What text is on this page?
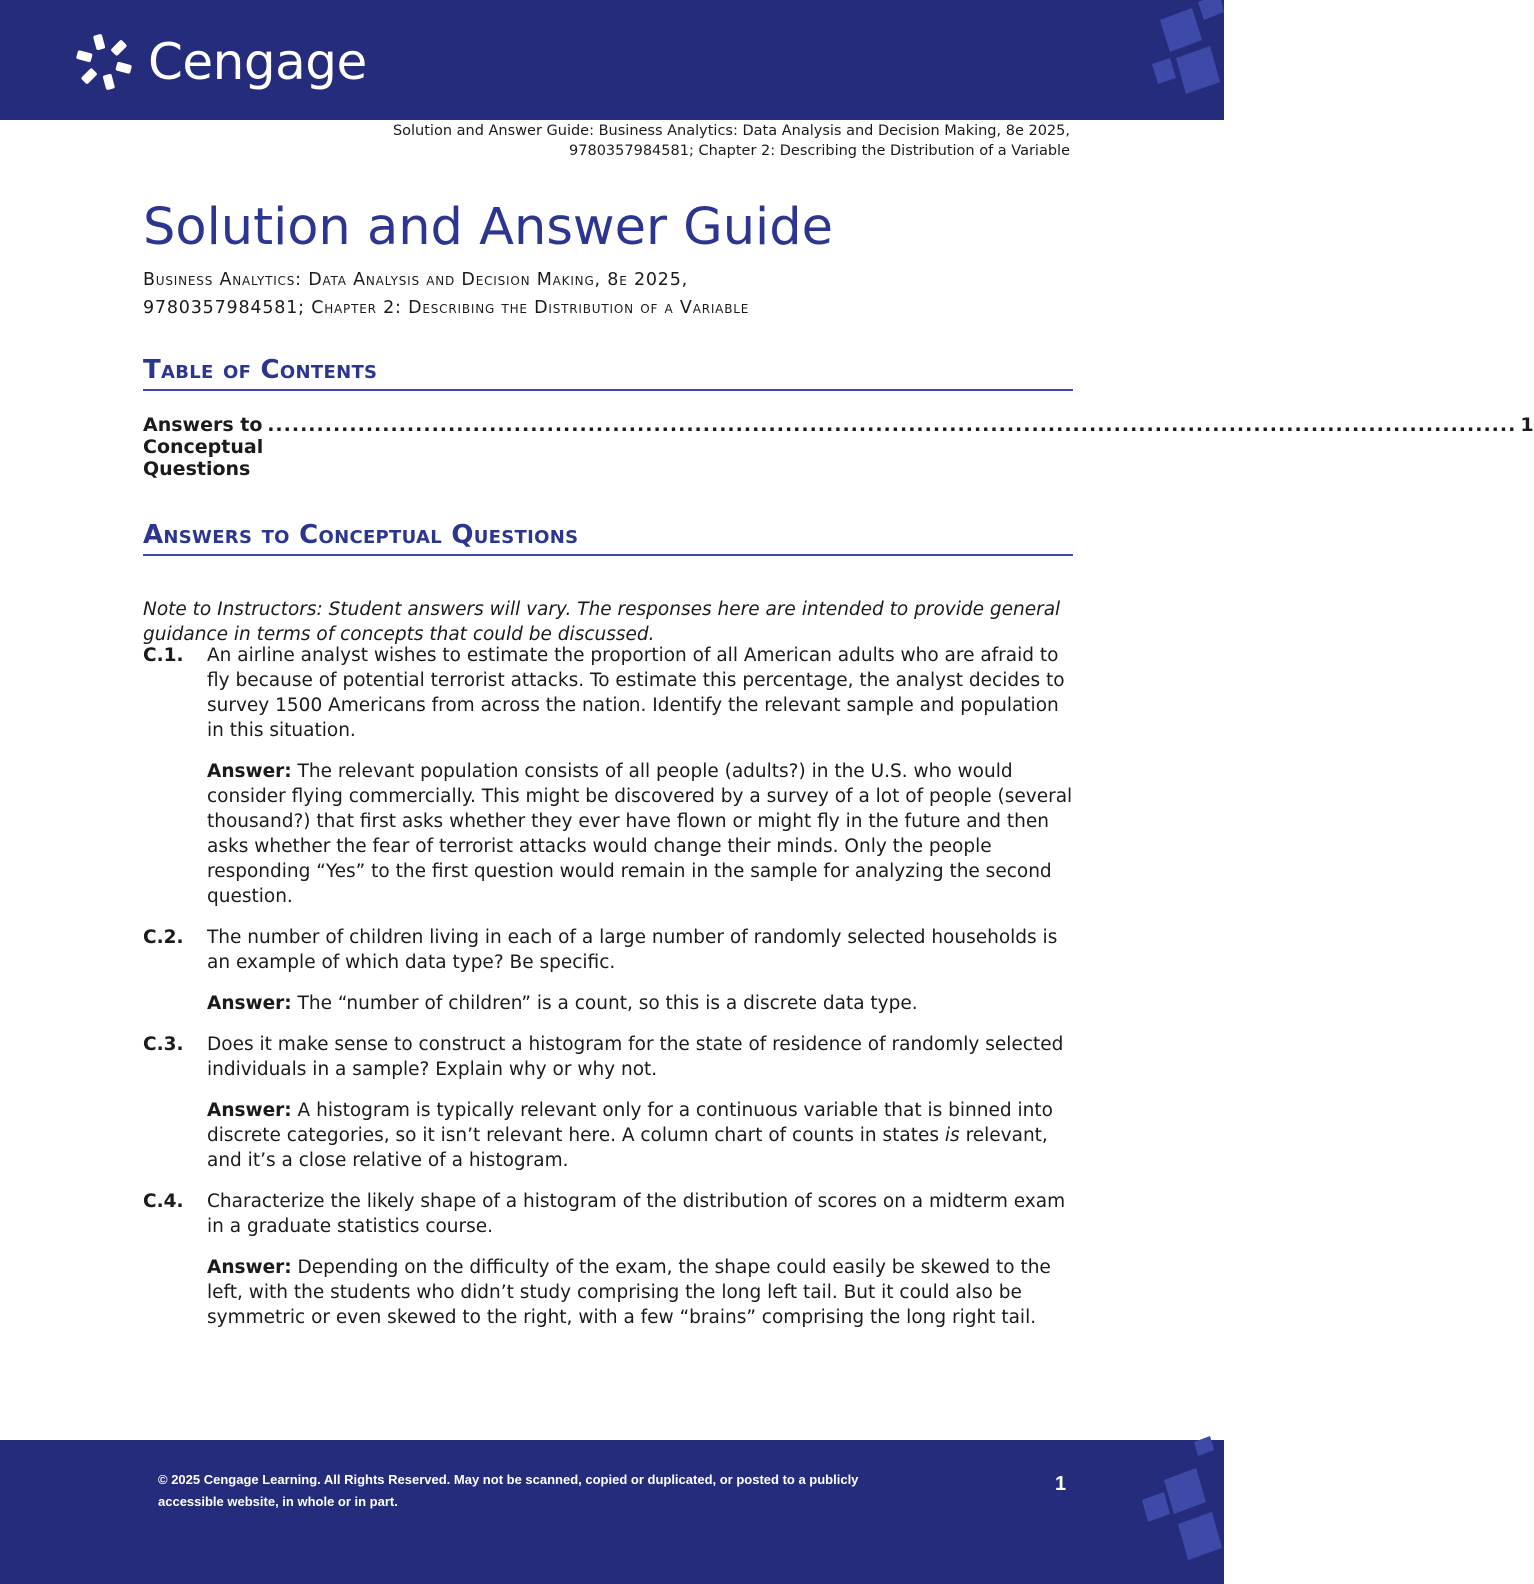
Cengage
Solution and Answer Guide: Business Analytics: Data Analysis and Decision Making, 8e 2025,
9780357984581; Chapter 2: Describing the Distribution of a Variable
Solution and Answer Guide
Business Analytics: Data Analysis and Decision Making, 8e 2025,
9780357984581; Chapter 2: Describing the Distribution of a Variable
Table of Contents
Answers to Conceptual Questions
........................................................................................................................................................ 1
Answers to Conceptual Questions

Note to Instructors: Student answers will vary. The responses here are intended to provide general guidance in terms of concepts that could be discussed.

C.1.	An airline analyst wishes to estimate the proportion of all American adults who are afraid to fly because of potential terrorist attacks. To estimate this percentage, the analyst decides to survey 1500 Americans from across the nation. Identify the relevant sample and population in this situation.

Answer: The relevant population consists of all people (adults?) in the U.S. who would consider flying commercially. This might be discovered by a survey of a lot of people (several thousand?) that first asks whether they ever have flown or might fly in the future and then asks whether the fear of terrorist attacks would change their minds. Only the people responding “Yes” to the first question would remain in the sample for analyzing the second question.

C.2.	The number of children living in each of a large number of randomly selected households is an example of which data type? Be specific.

Answer: The “number of children” is a count, so this is a discrete data type.

C.3.	Does it make sense to construct a histogram for the state of residence of randomly selected individuals in a sample? Explain why or why not.

Answer: A histogram is typically relevant only for a continuous variable that is binned into discrete categories, so it isn’t relevant here. A column chart of counts in states is relevant, and it’s a close relative of a histogram.

C.4.	Characterize the likely shape of a histogram of the distribution of scores on a midterm exam in a graduate statistics course.

Answer: Depending on the difficulty of the exam, the shape could easily be skewed to the left, with the students who didn’t study comprising the long left tail. But it could also be symmetric or even skewed to the right, with a few “brains” comprising the long right tail.

© 2025 Cengage Learning. All Rights Reserved. May not be scanned, copied or duplicated, or posted to a publicly
accessible website, in whole or in part.
1
